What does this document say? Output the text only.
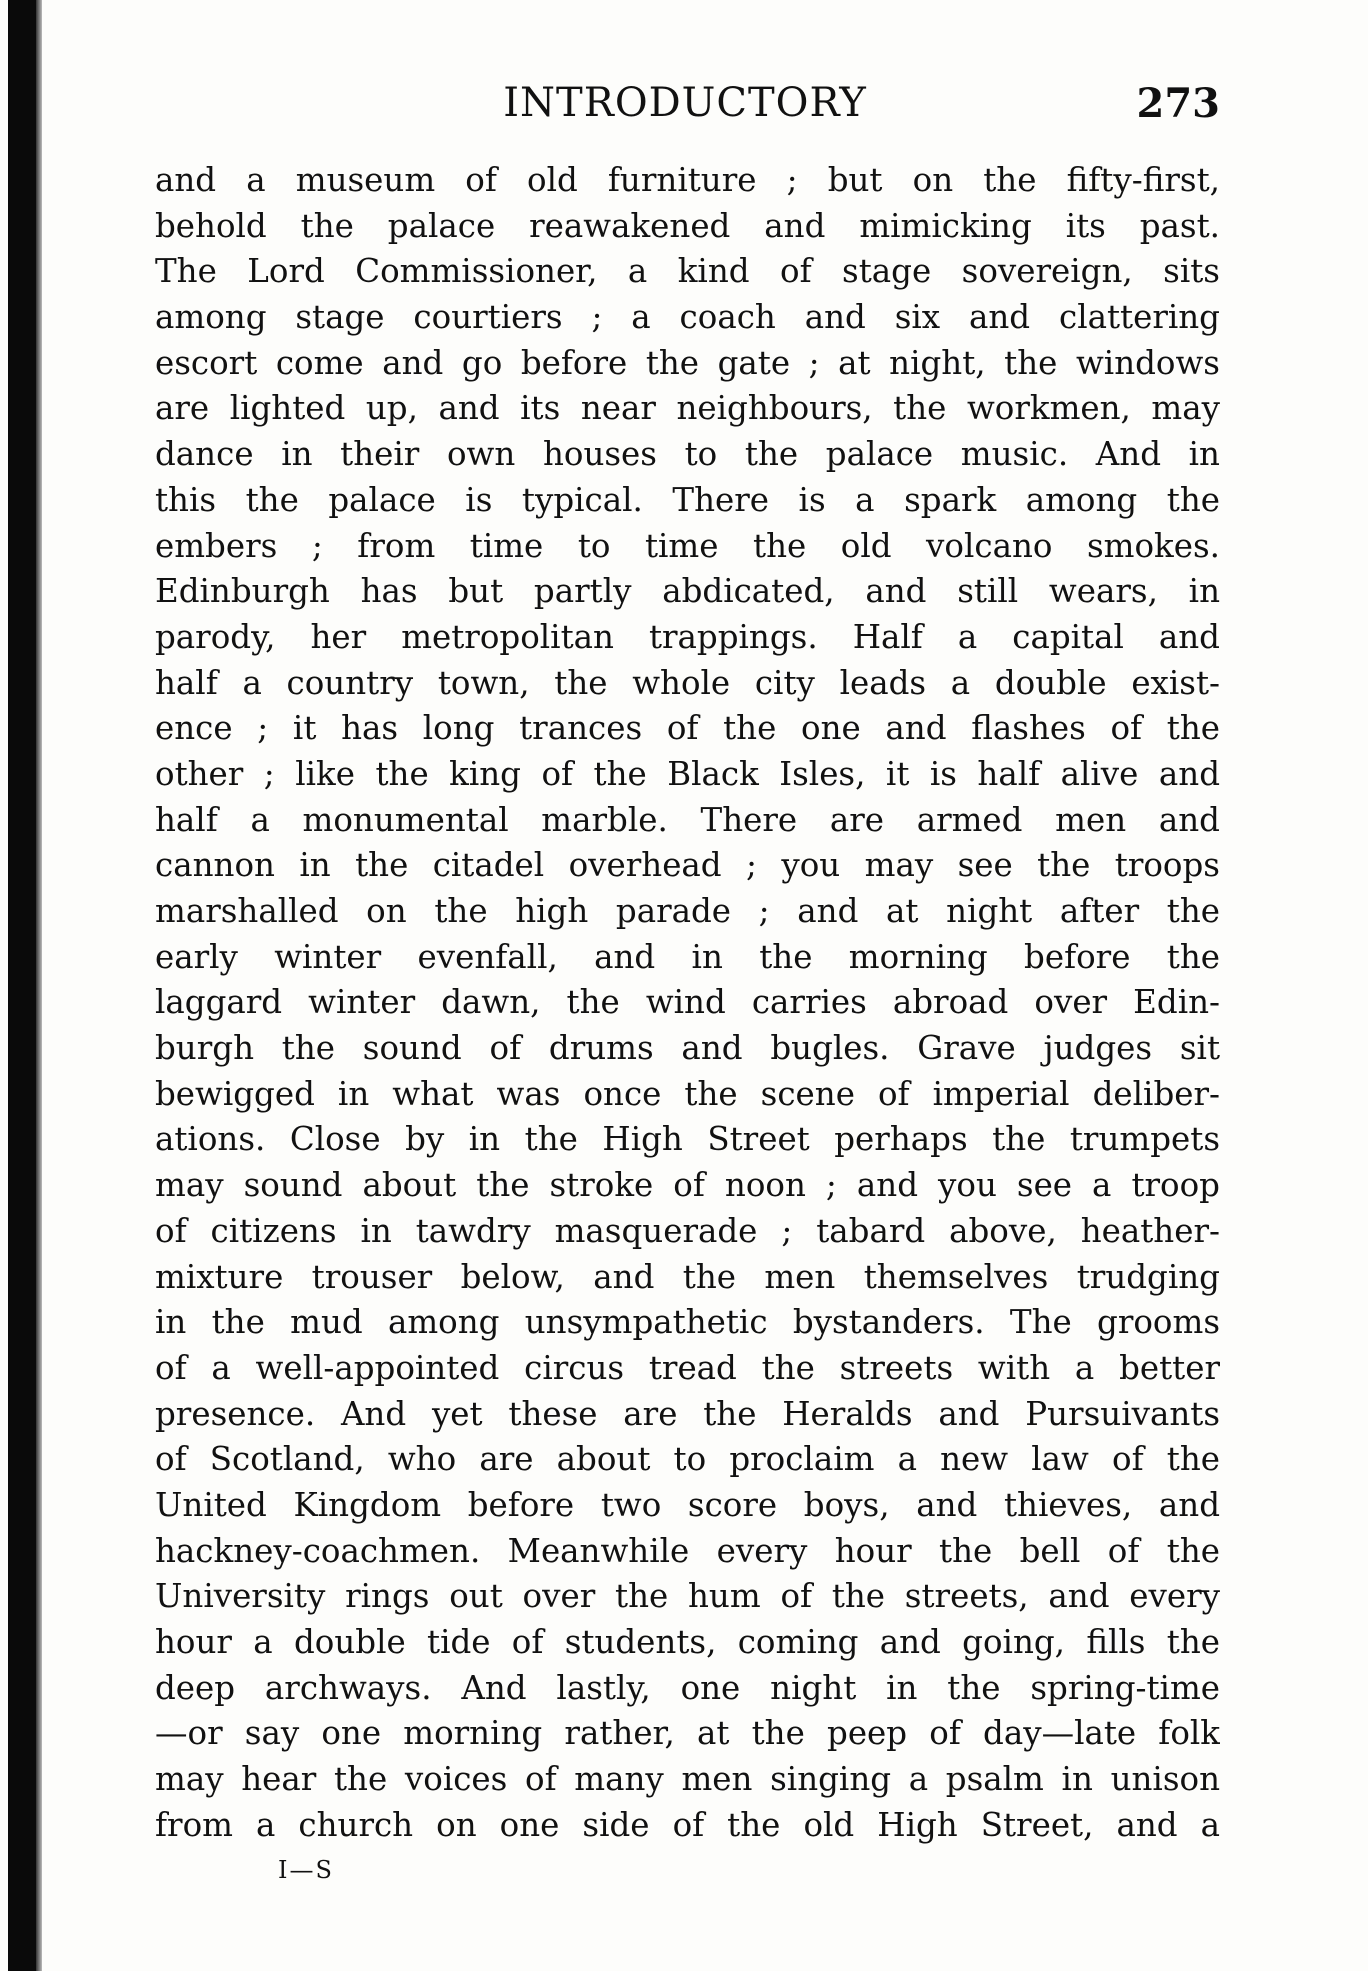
INTRODUCTORY	273
and a museum of old furniture ; but on the fifty-first,
behold the palace reawakened and mimicking its past.
The Lord Commissioner, a kind of stage sovereign, sits
among stage courtiers ; a coach and six and clattering
escort come and go before the gate ; at night, the windows
are lighted up, and its near neighbours, the workmen, may
dance in their own houses to the palace music. And in
this the palace is typical. There is a spark among the
embers ; from time to time the old volcano smokes.
Edinburgh has but partly abdicated, and still wears, in
parody, her metropolitan trappings. Half a capital and
half a country town, the whole city leads a double exist-
ence ; it has long trances of the one and flashes of the
other ; like the king of the Black Isles, it is half alive and
half a monumental marble. There are armed men and
cannon in the citadel overhead ; you may see the troops
marshalled on the high parade ; and at night after the
early winter evenfall, and in the morning before the
laggard winter dawn, the wind carries abroad over Edin-
burgh the sound of drums and bugles. Grave judges sit
bewigged in what was once the scene of imperial deliber-
ations. Close by in the High Street perhaps the trumpets
may sound about the stroke of noon ; and you see a troop
of citizens in tawdry masquerade ; tabard above, heather-
mixture trouser below, and the men themselves trudging
in the mud among unsympathetic bystanders. The grooms
of a well-appointed circus tread the streets with a better
presence. And yet these are the Heralds and Pursuivants
of Scotland, who are about to proclaim a new law of the
United Kingdom before two score boys, and thieves, and
hackney-coachmen. Meanwhile every hour the bell of the
University rings out over the hum of the streets, and every
hour a double tide of students, coming and going, fills the
deep archways. And lastly, one night in the spring-time
—or say one morning rather, at the peep of day—late folk
may hear the voices of many men singing a psalm in unison
from a church on one side of the old High Street, and a
I—S
